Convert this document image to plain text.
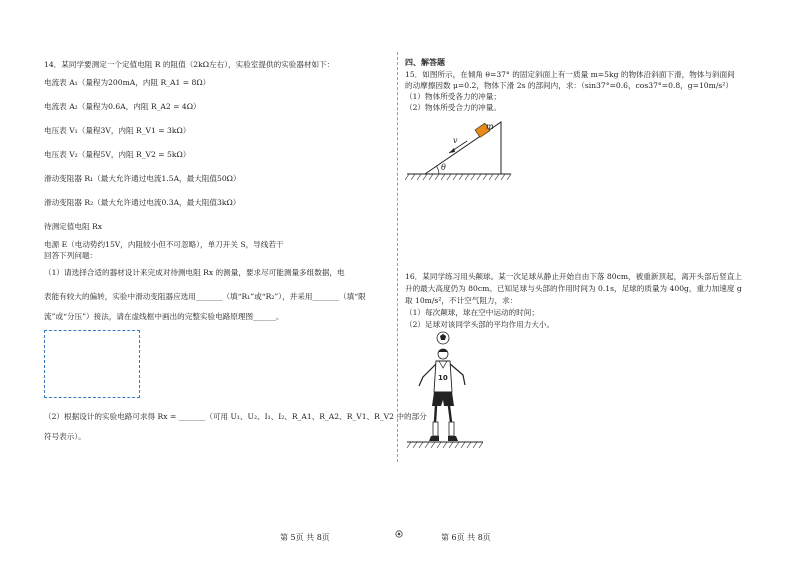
14．某同学要测定一个定值电阻 R 的阻值（2kΩ左右），实验室提供的实验器材如下：
电流表 A₁（量程为200mA，内阻 R_A1 = 8Ω）
电流表 A₂（量程为0.6A，内阻 R_A2 = 4Ω）
电压表 V₁（量程3V，内阻 R_V1 = 3kΩ）
电压表 V₂（量程5V，内阻 R_V2 = 5kΩ）
滑动变阻器 R₁（最大允许通过电流1.5A，最大阻值50Ω）
滑动变阻器 R₂（最大允许通过电流0.3A，最大阻值3kΩ）
待测定值电阻 Rx
电源 E（电动势约15V，内阻较小但不可忽略），单刀开关 S，导线若干
回答下列问题：
（1）请选择合适的器材设计来完成对待测电阻 Rx 的测量，要求尽可能测量多组数据，电
表能有较大的偏转，实验中滑动变阻器应选用_______（填“R₁”或“R₂”），并采用_______（填“限
流”或“分压”）接法，请在虚线框中画出的完整实验电路原理图______。
（2）根据设计的实验电路可求得 Rx = _______（可用 U₁、U₂、I₁、I₂、R_A1、R_A2、R_V1、R_V2 中的部分
符号表示）。
四、解答题
15．如图所示，在倾角 θ=37° 的固定斜面上有一质量 m=5kg 的物体沿斜面下滑，物体与斜面间
的动摩擦因数 μ=0.2，物体下滑 2s 的部间内，求：（sin37°=0.6，cos37°=0.8，g=10m/s²）
（1）物体所受各力的冲量；
（2）物体所受合力的冲量。
m
v
θ
16．某同学练习用头颠球。某一次足球从静止开始自由下落 80cm，被重新顶起，离开头部后竖直上
升的最大高度仍为 80cm。已知足球与头部的作用时间为 0.1s，足球的质量为 400g，重力加速度 g
取 10m/s²，不计空气阻力，求：
（1）每次颠球，球在空中运动的时间；
（2）足球对该同学头部的平均作用力大小。
10
第 5页 共 8页	第 6页 共 8页
